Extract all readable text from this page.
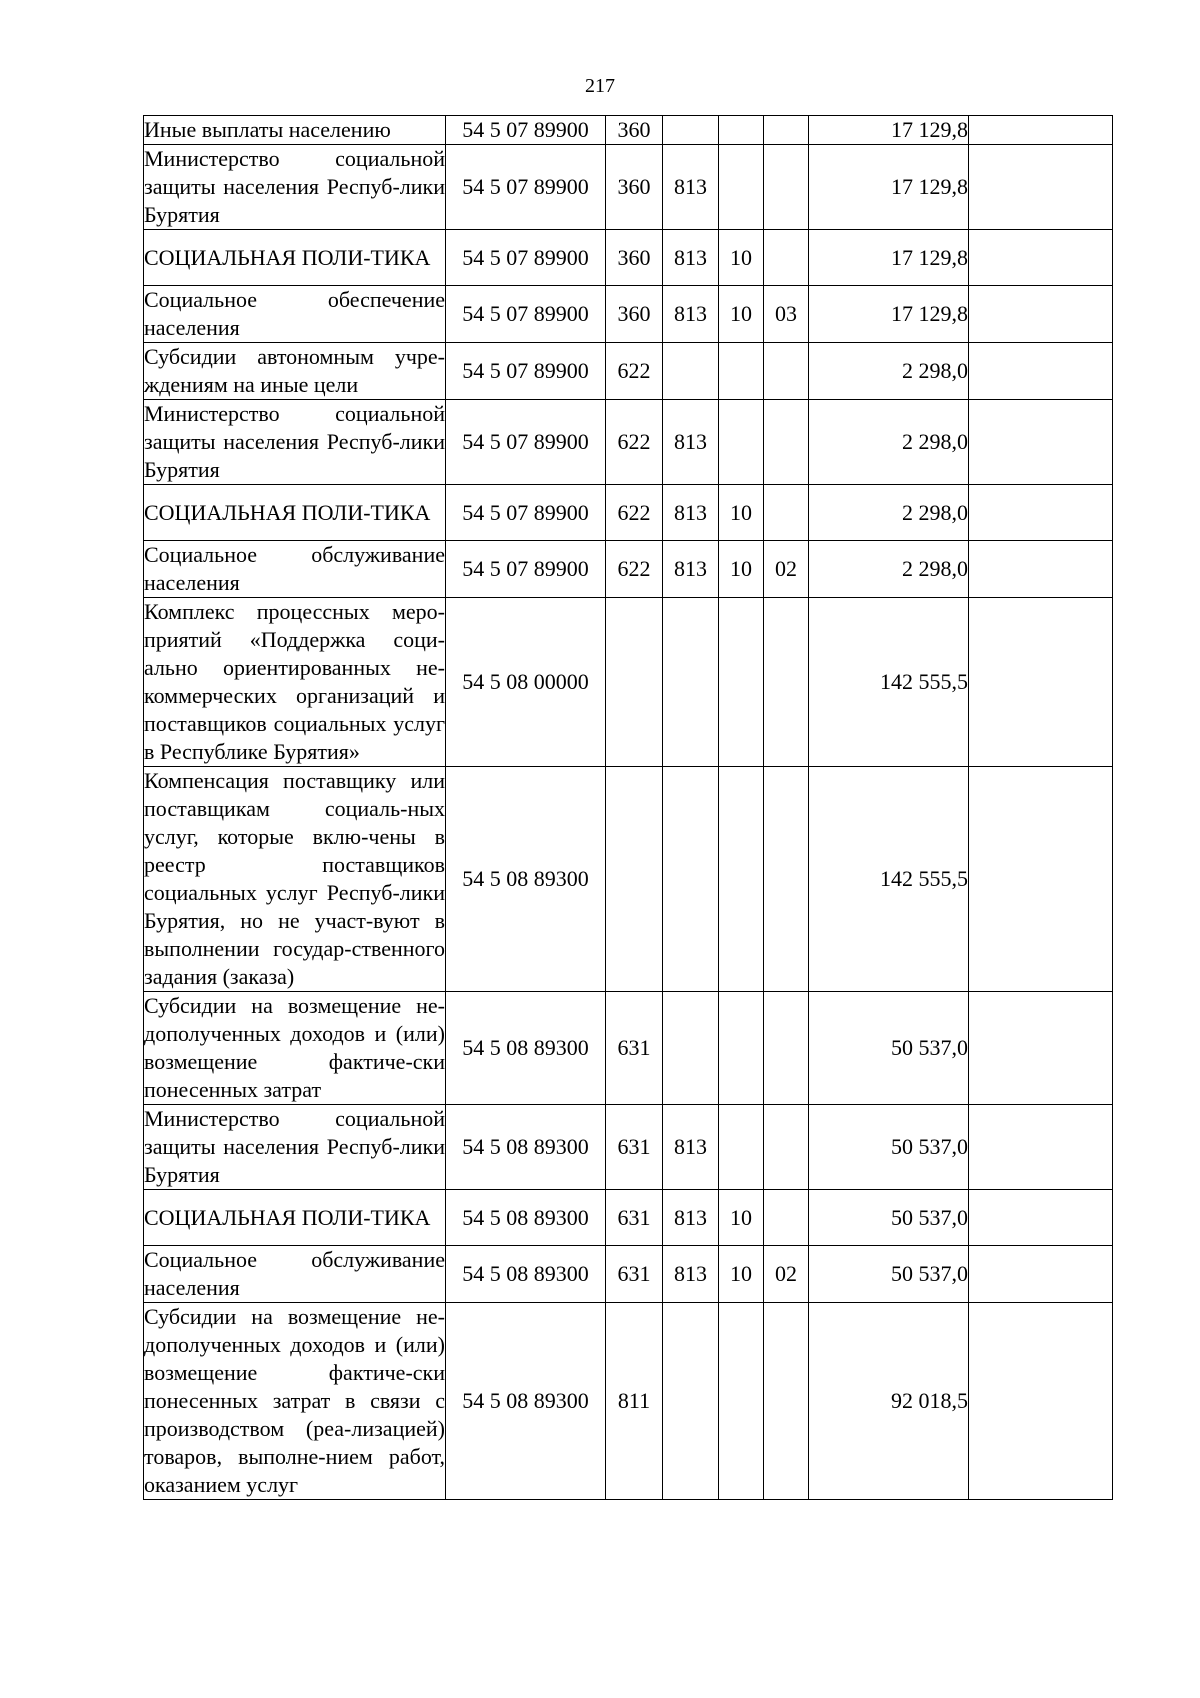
217
Иные выплаты населению	54 5 07 89900	360				17 129,8	
Министерство социальной защиты населения Респуб-лики Бурятия	54 5 07 89900	360	813			17 129,8	
СОЦИАЛЬНАЯ ПОЛИ-ТИКА	54 5 07 89900	360	813	10		17 129,8	
Социальное обеспечение населения	54 5 07 89900	360	813	10	03	17 129,8	
Субсидии автономным учре-ждениям на иные цели	54 5 07 89900	622				2 298,0	
Министерство социальной защиты населения Респуб-лики Бурятия	54 5 07 89900	622	813			2 298,0	
СОЦИАЛЬНАЯ ПОЛИ-ТИКА	54 5 07 89900	622	813	10		2 298,0	
Социальное обслуживание населения	54 5 07 89900	622	813	10	02	2 298,0	
Комплекс процессных меро-приятий «Поддержка соци-ально ориентированных не-коммерческих организаций и поставщиков социальных услуг в Республике Бурятия»	54 5 08 00000					142 555,5	
Компенсация поставщику или поставщикам социаль-ных услуг, которые вклю-чены в реестр поставщиков социальных услуг Респуб-лики Бурятия, но не участ-вуют в выполнении государ-ственного задания (заказа)	54 5 08 89300					142 555,5	
Субсидии на возмещение не-дополученных доходов и (или) возмещение фактиче-ски понесенных затрат	54 5 08 89300	631				50 537,0	
Министерство социальной защиты населения Респуб-лики Бурятия	54 5 08 89300	631	813			50 537,0	
СОЦИАЛЬНАЯ ПОЛИ-ТИКА	54 5 08 89300	631	813	10		50 537,0	
Социальное обслуживание населения	54 5 08 89300	631	813	10	02	50 537,0	
Субсидии на возмещение не-дополученных доходов и (или) возмещение фактиче-ски понесенных затрат в связи с производством (реа-лизацией) товаров, выполне-нием работ, оказанием услуг	54 5 08 89300	811				92 018,5	
